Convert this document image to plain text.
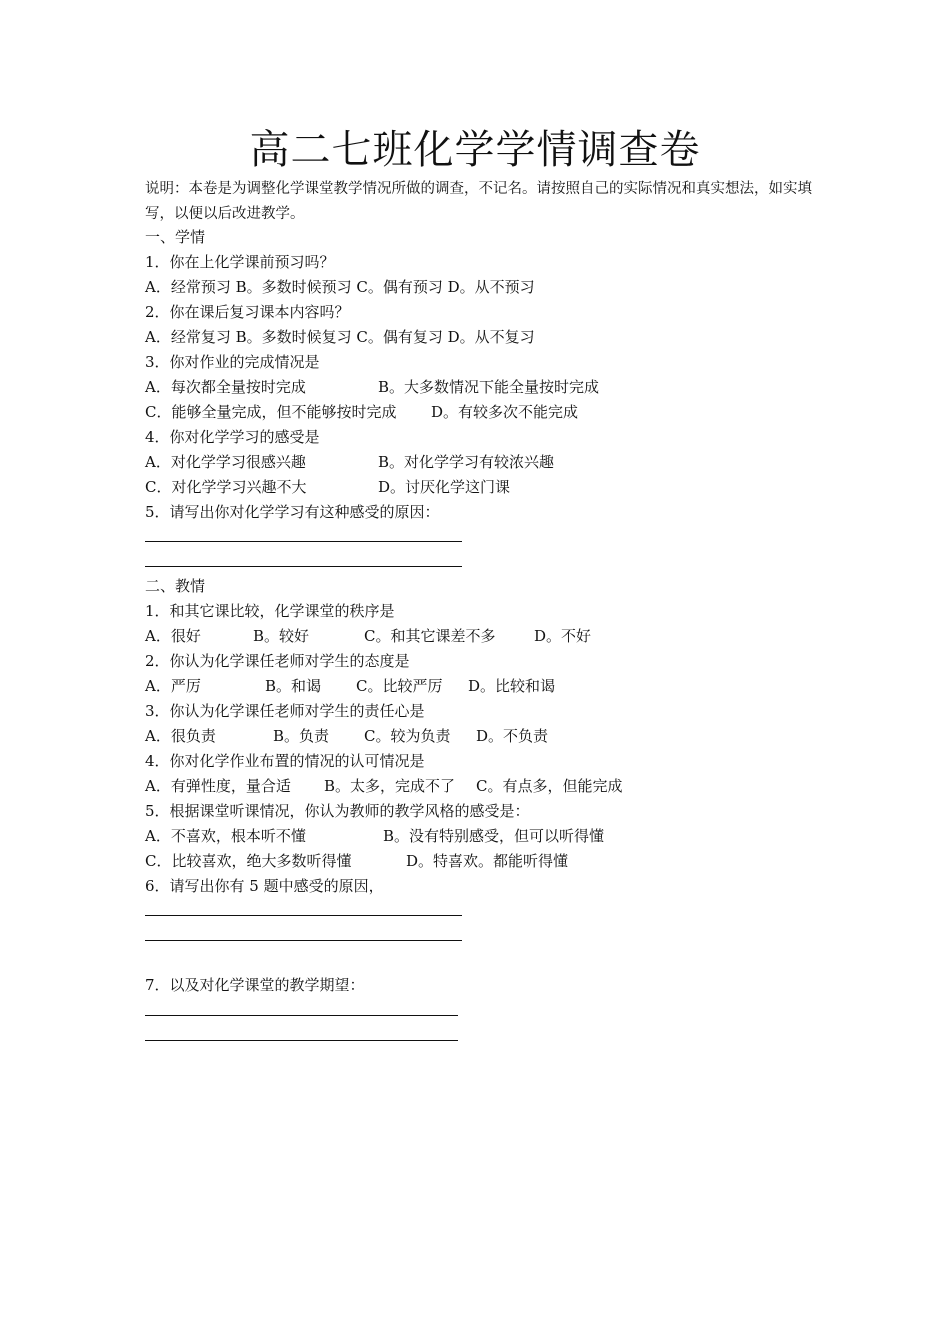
高二七班化学学情调查卷
说明：本卷是为调整化学课堂教学情况所做的调查，不记名。请按照自己的实际情况和真实想法，如实填写，以便以后改进教学。
一、学情
1．你在上化学课前预习吗？
A．经常预习 B。多数时候预习 C。偶有预习 D。从不预习
2．你在课后复习课本内容吗？
A．经常复习 B。多数时候复习 C。偶有复习 D。从不复习
3．你对作业的完成情况是
A．每次都全量按时完成	B。大多数情况下能全量按时完成
C．能够全量完成，但不能够按时完成 D。有较多次不能完成
4．你对化学学习的感受是
A．对化学学习很感兴趣	B。对化学学习有较浓兴趣
C．对化学学习兴趣不大	D。讨厌化学这门课
5．请写出你对化学学习有这种感受的原因：
二、教情
1．和其它课比较，化学课堂的秩序是
A．很好	B。较好	C。和其它课差不多	D。不好
2．你认为化学课任老师对学生的态度是
A．严厉	B。和谒 C。比较严厉 D。比较和谒
3．你认为化学课任老师对学生的责任心是
A．很负责	B。负责 C。较为负责 D。不负责
4．你对化学作业布置的情况的认可情况是
A．有弹性度，量合适 B。太多，完成不了 C。有点多，但能完成
5．根据课堂听课情况，你认为教师的教学风格的感受是：
A．不喜欢，根本听不懂	B。没有特别感受，但可以听得懂
C．比较喜欢，绝大多数听得懂	D。特喜欢。都能听得懂
6．请写出你有 5 题中感受的原因，
7．以及对化学课堂的教学期望：
